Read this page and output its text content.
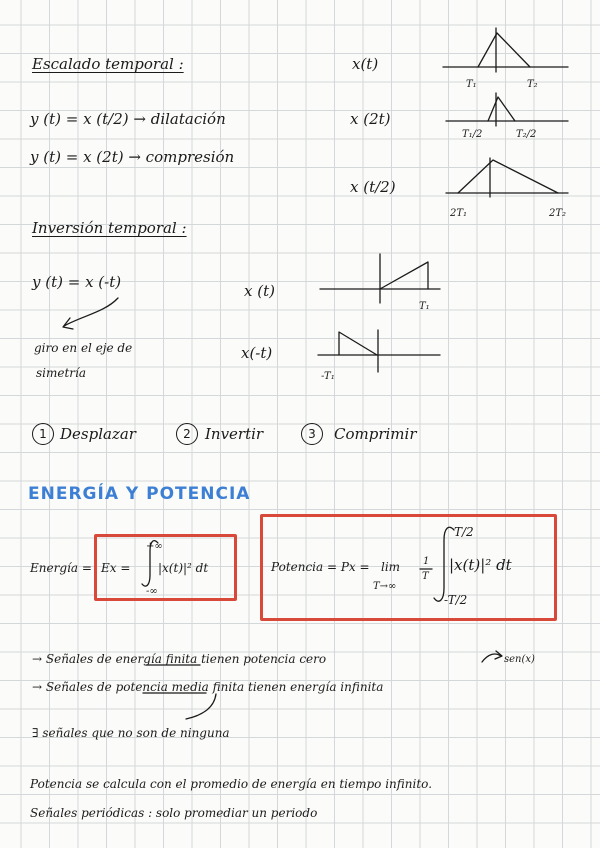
Escalado temporal :
y (t) = x (t/2) → dilatación
y (t) = x (2t) → compresión
x(t)
x (2t)
x (t/2)
T₁	T₂
T₁/2	T₂/2
2T₁	2T₂
Inversión temporal :
y (t) = x (-t)
giro en el eje de
simetría
x (t)
x(-t)
T₁
-T₁
1 Desplazar	2 Invertir	3	Comprimir
ENERGÍA Y POTENCIA
Energía = Ex =
+∞
-∞
|x(t)|² dt	Potencia = Px = lim
T→∞
1
T
T/2
-T/2
|x(t)|² dt
→ Señales de energía finita tienen potencia cero	sen(x)
→ Señales de potencia media finita tienen energía infinita
∃ señales que no son de ninguna
Potencia se calcula con el promedio de energía en tiempo infinito.
Señales periódicas : solo promediar un periodo
